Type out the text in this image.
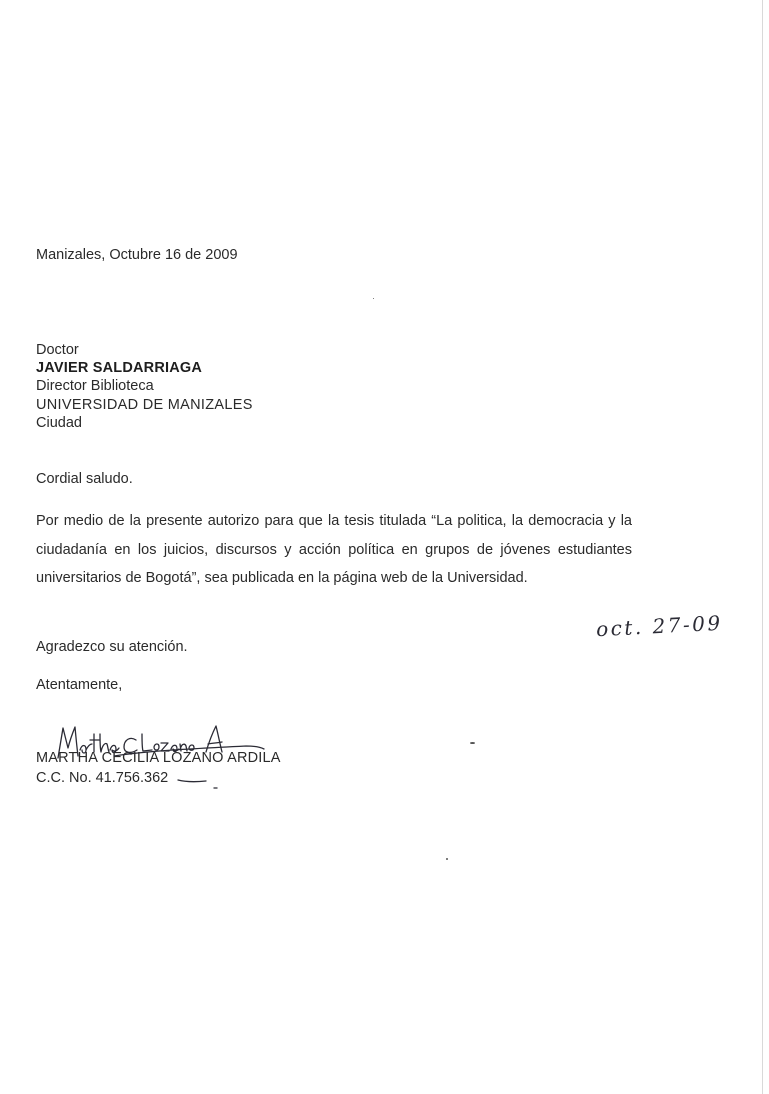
Manizales, Octubre 16 de 2009
Doctor
JAVIER SALDARRIAGA
Director Biblioteca
UNIVERSIDAD DE MANIZALES
Ciudad
Cordial saludo.

Por medio de la presente autorizo para que la tesis titulada “La politica, la democracia y la ciudadanía en los juicios, discursos y acción política en grupos de jóvenes estudiantes universitarios de Bogotá”, sea publicada en la página web de la Universidad.

oct. 27-09
Agradezco su atención.
Atentamente,
MARTHA CECILIA LOZANO ARDILA
C.C. No. 41.756.362
